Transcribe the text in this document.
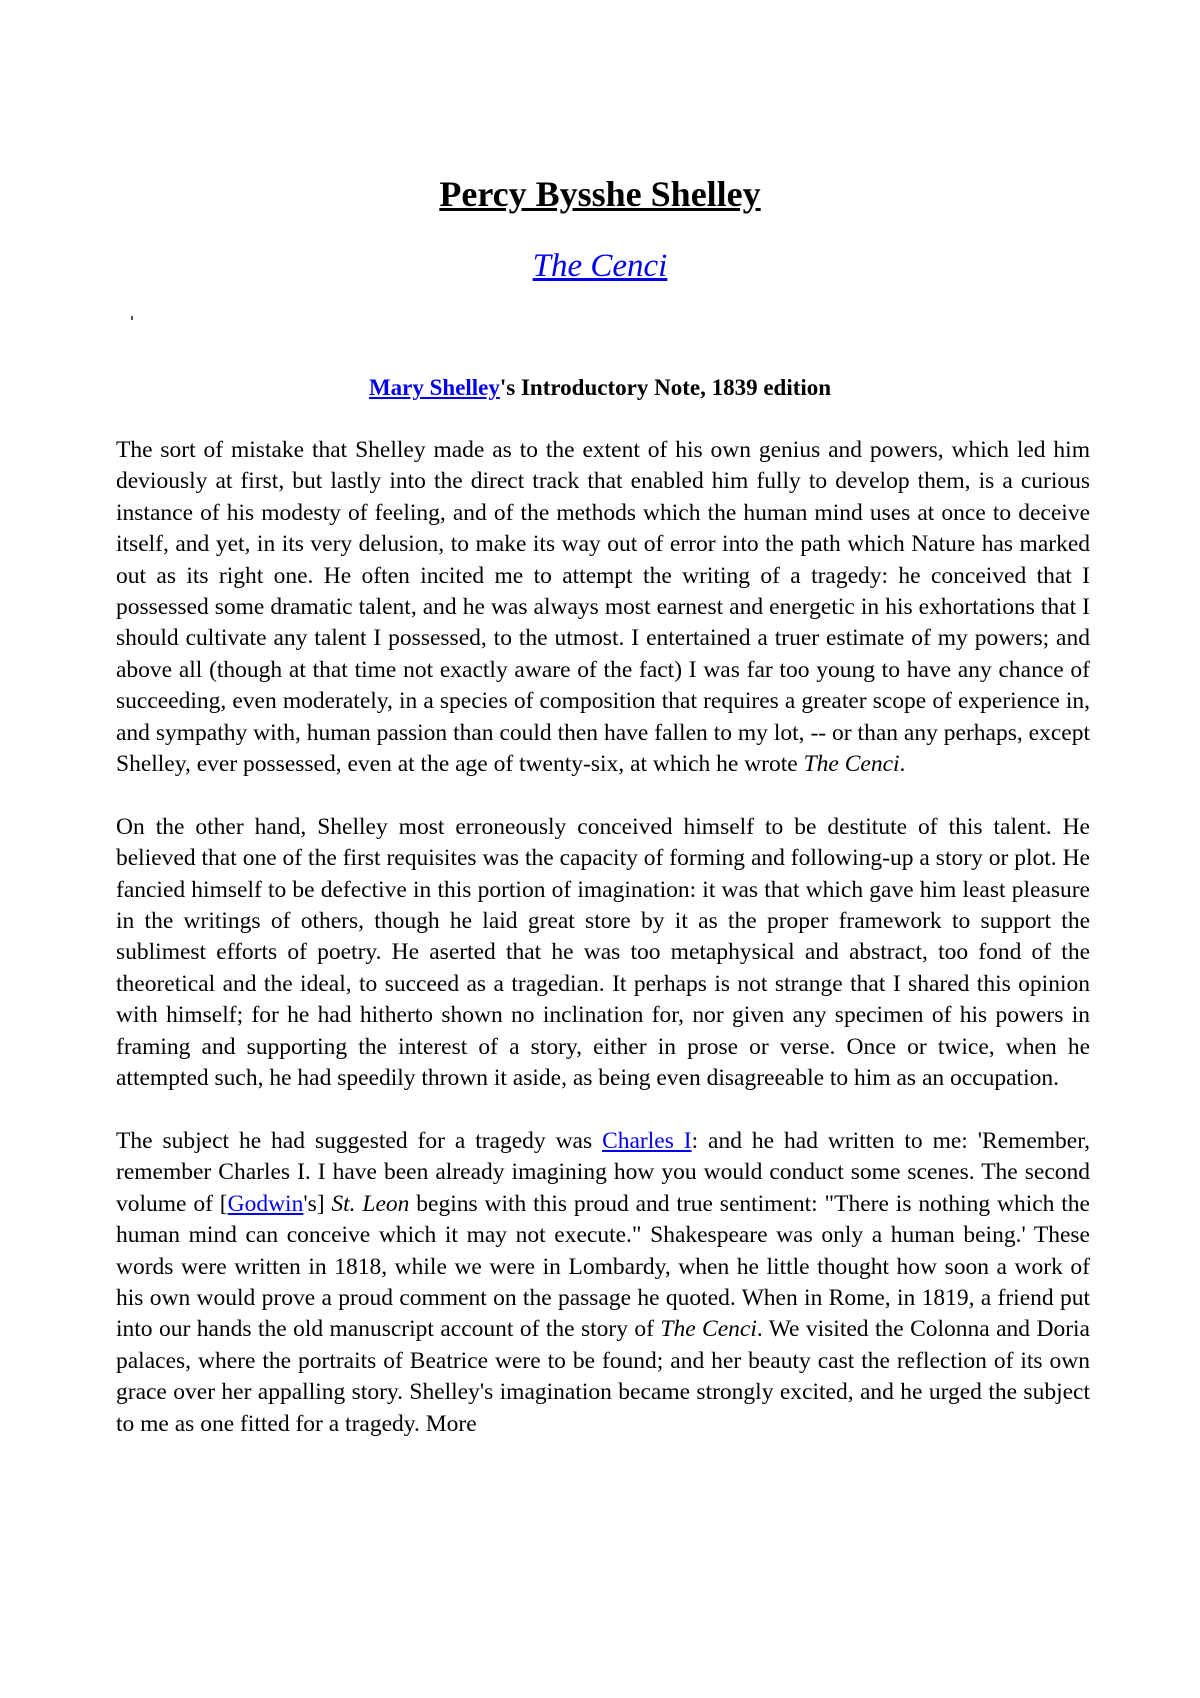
Percy Bysshe Shelley
The Cenci
Mary Shelley's Introductory Note, 1839 edition

The sort of mistake that Shelley made as to the extent of his own genius and powers, which led him deviously at first, but lastly into the direct track that enabled him fully to develop them, is a curious instance of his modesty of feeling, and of the methods which the human mind uses at once to deceive itself, and yet, in its very delusion, to make its way out of error into the path which Nature has marked out as its right one. He often incited me to attempt the writing of a tragedy: he conceived that I possessed some dramatic talent, and he was always most earnest and energetic in his exhortations that I should cultivate any talent I possessed, to the utmost. I entertained a truer estimate of my powers; and above all (though at that time not exactly aware of the fact) I was far too young to have any chance of succeeding, even moderately, in a species of composition that requires a greater scope of experience in, and sympathy with, human passion than could then have fallen to my lot, -- or than any perhaps, except Shelley, ever possessed, even at the age of twenty-six, at which he wrote The Cenci.

On the other hand, Shelley most erroneously conceived himself to be destitute of this talent. He believed that one of the first requisites was the capacity of forming and following-up a story or plot. He fancied himself to be defective in this portion of imagination: it was that which gave him least pleasure in the writings of others, though he laid great store by it as the proper framework to support the sublimest efforts of poetry. He aserted that he was too metaphysical and abstract, too fond of the theoretical and the ideal, to succeed as a tragedian. It perhaps is not strange that I shared this opinion with himself; for he had hitherto shown no inclination for, nor given any specimen of his powers in framing and supporting the interest of a story, either in prose or verse. Once or twice, when he attempted such, he had speedily thrown it aside, as being even disagreeable to him as an occupation.

The subject he had suggested for a tragedy was Charles I: and he had written to me: 'Remember, remember Charles I. I have been already imagining how you would conduct some scenes. The second volume of [Godwin's] St. Leon begins with this proud and true sentiment: "There is nothing which the human mind can conceive which it may not execute." Shakespeare was only a human being.' These words were written in 1818, while we were in Lombardy, when he little thought how soon a work of his own would prove a proud comment on the passage he quoted. When in Rome, in 1819, a friend put into our hands the old manuscript account of the story of The Cenci. We visited the Colonna and Doria palaces, where the portraits of Beatrice were to be found; and her beauty cast the reflection of its own grace over her appalling story. Shelley's imagination became strongly excited, and he urged the subject to me as one fitted for a tragedy. More
